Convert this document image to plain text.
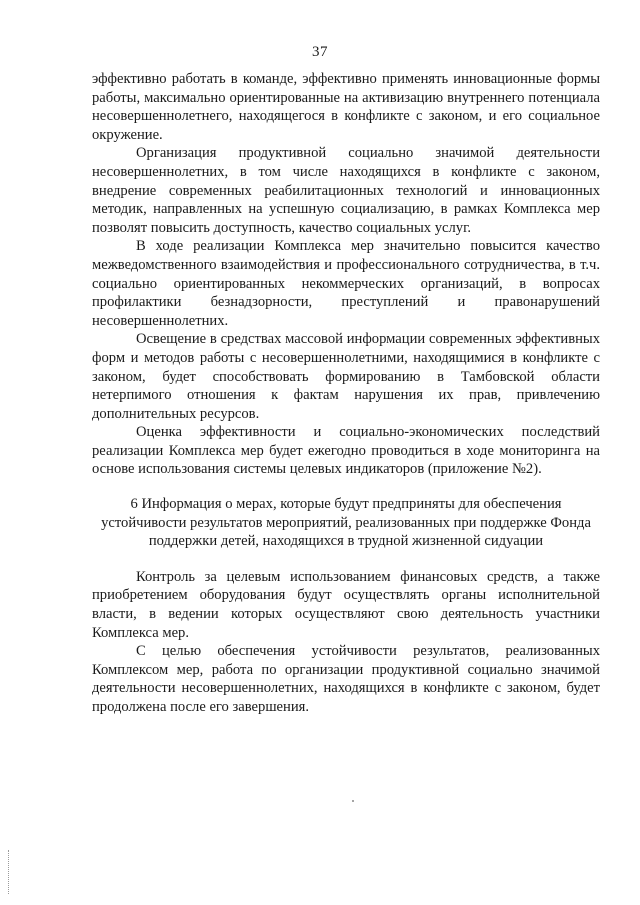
37

эффективно работать в команде, эффективно применять инновационные формы работы, максимально ориентированные на активизацию внутреннего потенциала несовершеннолетнего, находящегося в конфликте с законом, и его социальное окружение.

Организация продуктивной социально значимой деятельности несовершеннолетних, в том числе находящихся в конфликте с законом, внедрение современных реабилитационных технологий и инновационных методик, направленных на успешную социализацию, в рамках Комплекса мер позволят повысить доступность, качество социальных услуг.

В ходе реализации Комплекса мер значительно повысится качество межведомственного взаимодействия и профессионального сотрудничества, в т.ч. социально ориентированных некоммерческих организаций, в вопросах профилактики безнадзорности, преступлений и правонарушений несовершеннолетних.

Освещение в средствах массовой информации современных эффективных форм и методов работы с несовершеннолетними, находящимися в конфликте с законом, будет способствовать формированию в Тамбовской области нетерпимого отношения к фактам нарушения их прав, привлечению дополнительных ресурсов.

Оценка эффективности и социально-экономических последствий реализации Комплекса мер будет ежегодно проводиться в ходе мониторинга на основе использования системы целевых индикаторов (приложение №2).

6 Информация о мерах, которые будут предприняты для обеспечения устойчивости результатов мероприятий, реализованных при поддержке Фонда поддержки детей, находящихся в трудной жизненной сидуации

Контроль за целевым использованием финансовых средств, а также приобретением оборудования будут осуществлять органы исполнительной власти, в ведении которых осуществляют свою деятельность участники Комплекса мер.

С целью обеспечения устойчивости результатов, реализованных Комплексом мер, работа по организации продуктивной социально значимой деятельности несовершеннолетних, находящихся в конфликте с законом, будет продолжена после его завершения.
